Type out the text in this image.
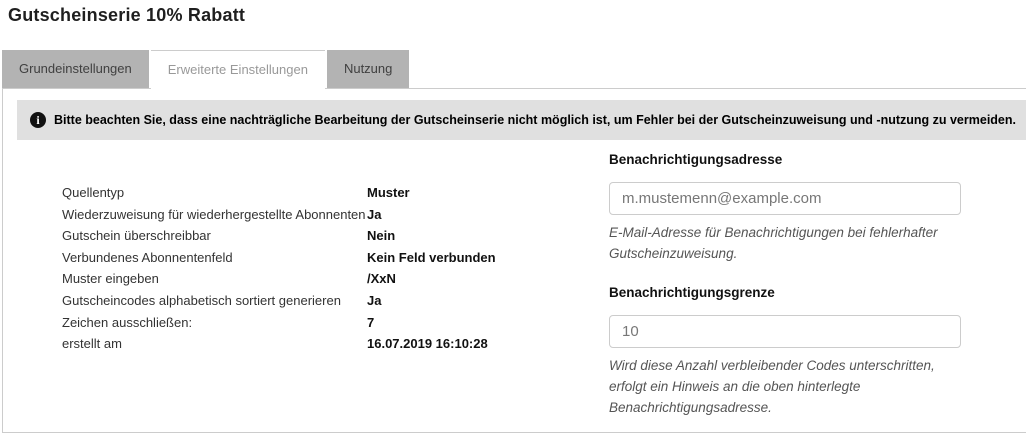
Gutscheinserie 10% Rabatt
Grundeinstellungen	Erweiterte Einstellungen	Nutzung
i	Bitte beachten Sie, dass eine nachträgliche Bearbeitung der Gutscheinserie nicht möglich ist, um Fehler bei der Gutscheinzuweisung und -nutzung zu vermeiden.
Quellentyp	Muster
Wiederzuweisung für wiederhergestellte Abonnenten Ja
Gutschein überschreibbar	Nein
Verbundenes Abonnentenfeld	Kein Feld verbunden
Muster eingeben	/XxN
Gutscheincodes alphabetisch sortiert generieren	Ja
Zeichen ausschließen:	7
erstellt am	16.07.2019 16:10:28
Benachrichtigungsadresse
m.mustemenn@example.com
E-Mail-Adresse für Benachrichtigungen bei fehlerhafter Gutscheinzuweisung.
Benachrichtigungsgrenze
10
Wird diese Anzahl verbleibender Codes unterschritten, erfolgt ein Hinweis an die oben hinterlegte Benachrichtigungsadresse.
